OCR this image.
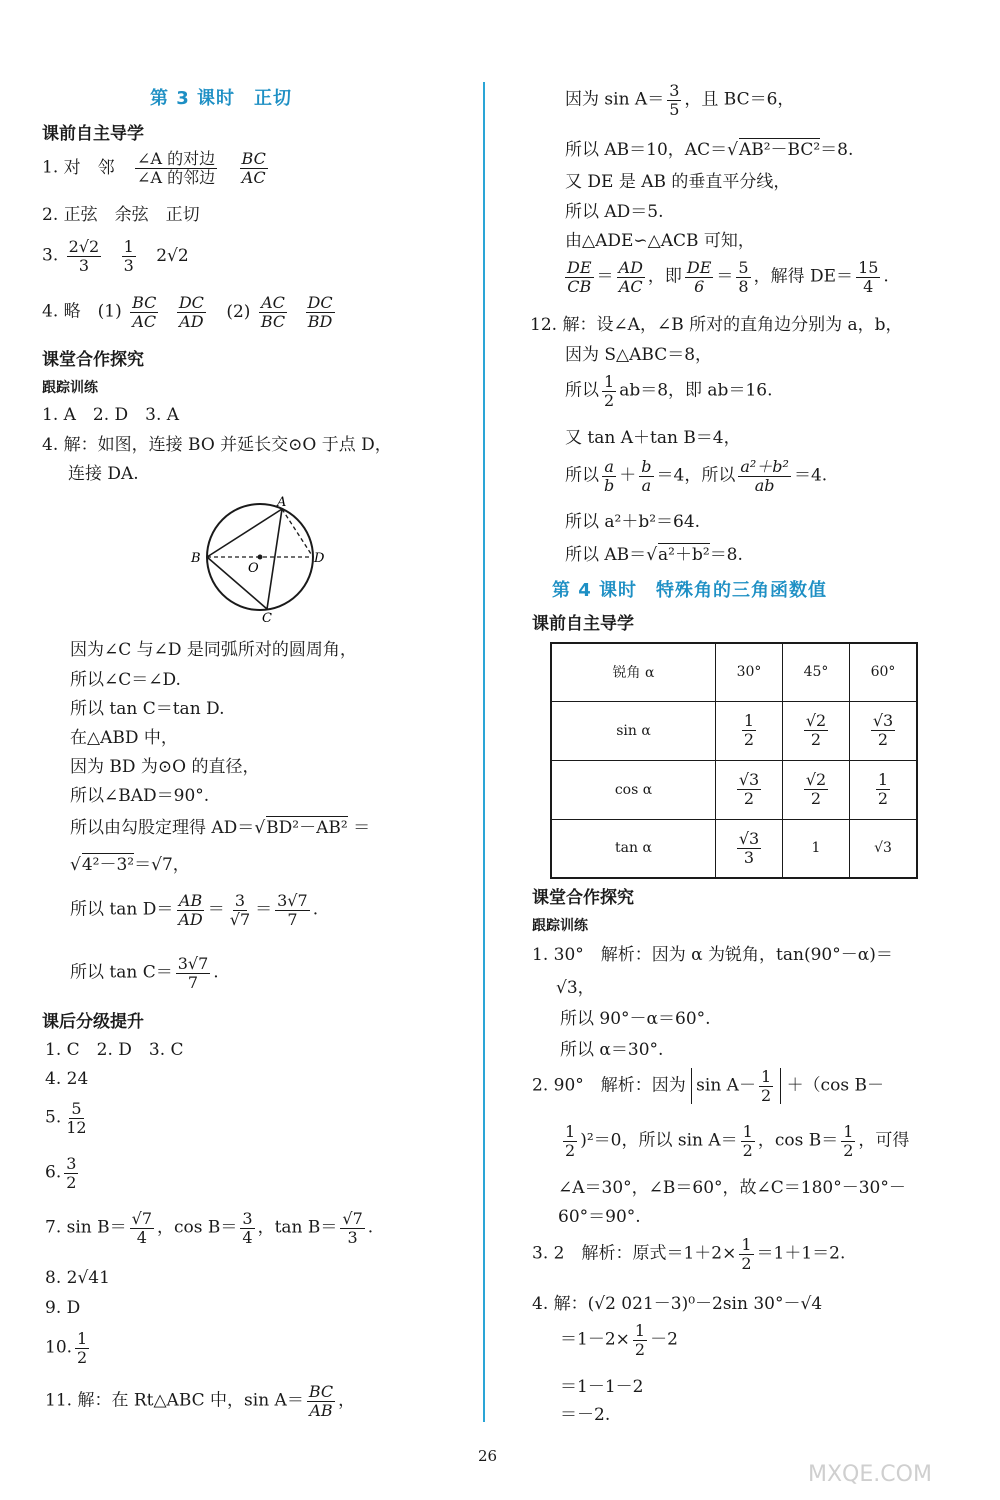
第 3 课时　正切
课前自主导学
1. 对　邻 $\frac{\text{∠A 的对边}}{\text{∠A 的邻边}}$
$\frac{BC}{AC}$
2. 正弦　余弦　正切
3. $\frac{2√2}{3}$
$\frac{1}{3} 2√2$
4. 略　$(1) \frac{BC}{AC}$
$\frac{DC}{AD} (2) \frac{AC}{BC}$
$\frac{DC}{BD}$
课堂合作探究
跟踪训练
1. A　2. D　3. A
4. 解：如图，连接 BO 并延长交⊙O 于点 D，
连接 DA.
A
B
C
D
O
因为∠C 与∠D 是同弧所对的圆周角，
所以∠C＝∠D.
所以 tan C＝tan D.
在△ABD 中，
因为 BD 为⊙O 的直径，
所以∠BAD＝90°.
所以由勾股定理得 AD＝√BD²－AB² ＝
√4²－3²＝√7，
所以 $\tan D= \frac{AB}{AD} = \frac{3}{√7} = \frac{3√7}{7}$ .
所以 $\tan C= \frac{3√7}{7}$ .
课后分级提升
1. C　2. D　3. C
4. 24
5. $\frac{5}{12}$
6. $\frac{3}{2}$
7. $\sin B= \frac{√7}{4}$ ，$\cos B= \frac{3}{4}$ ，$\tan B= \frac{√7}{3}$ .
8. 2√41
9. D
10. $\frac{1}{2}$
11. 解：在 Rt△ABC 中，$\sin A= \frac{BC}{AB}$ ，
因为 $\sin A= \frac{3}{5}$ ，且 BC＝6，
所以 AB＝10，AC＝√AB²－BC²＝8.
又 DE 是 AB 的垂直平分线，
所以 AD＝5.
由△ADE∽△ACB 可知，
$\frac{DE}{CB} = \frac{AD}{AC}$ ，即 $\frac{DE}{6} = \frac{5}{8}$ ，解得 $DE= \frac{15}{4}$ .
12. 解：设∠A，∠B 所对的直角边分别为 a，b，
因为 S△ABC＝8，
所以 $\frac{1}{2} ab=8$，即 ab＝16.
又 tan A＋tan B＝4，
所以 $\frac{a}{b} + \frac{b}{a} =4$，所以 $\frac{\text{a²＋b²}}{ab} =4$.
所以 a²＋b²＝64.
所以 AB＝√a²＋b²＝8.
第 4 课时　特殊角的三角函数值
课前自主导学
锐角 α	30°	45°	60°
sin α	$\frac{1}{2}$	$\frac{√2}{2}$	$\frac{√3}{2}$

cos α	$\frac{√3}{2}$	$\frac{√2}{2}$	$\frac{1}{2}$

tan α	$\frac{√3}{3}$	1	√3
课堂合作探究
跟踪训练
1. 30°　解析：因为 α 为锐角，tan(90°－α)＝
√3，
所以 90°－α＝60°.
所以 α＝30°.
2. 90°　解析：因为 $\sin A- \frac{1}{2} +(\cos$ B－
$\frac{1}{2} )^2=0$，所以 $\sin A= \frac{1}{2}$ ，$\cos B= \frac{1}{2}$ ，可得
∠A＝30°，∠B＝60°，故∠C＝180°－30°－
60°＝90°.
3. 2　解析：原式$=1+2\times \frac{1}{2} =1+1=2$.
4. 解：(√2 021－3)⁰－2sin 30°－√4
$=1-2\times \frac{1}{2} -2$
＝1－1－2
＝－2.
26
MXQE.COM
